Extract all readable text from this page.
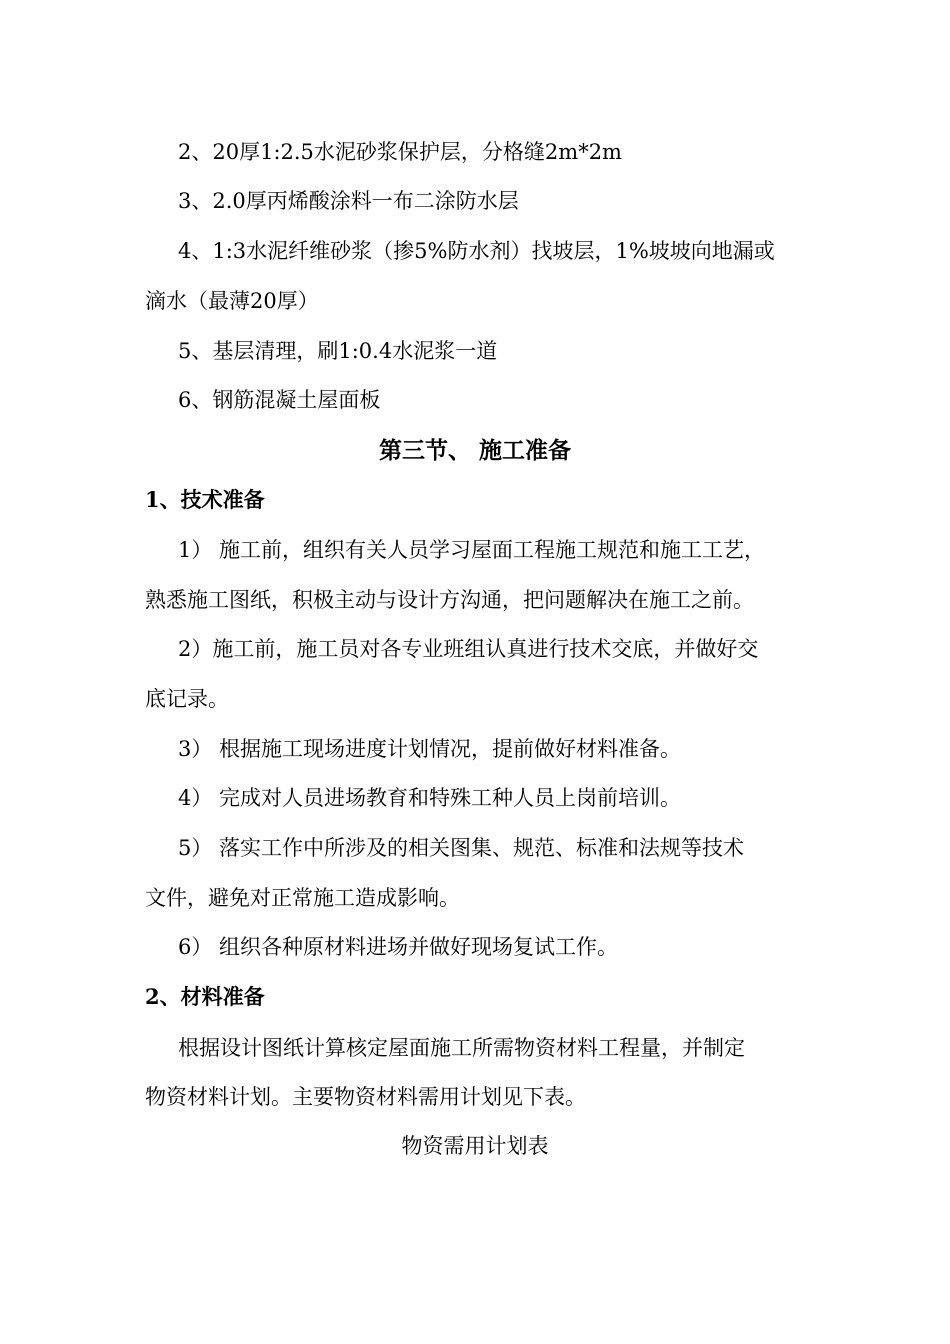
2、20厚1:2.5水泥砂浆保护层，分格缝2m*2m
3、2.0厚丙烯酸涂料一布二涂防水层
4、1:3水泥纤维砂浆（掺5%防水剂）找坡层，1%坡坡向地漏或
滴水（最薄20厚）
5、基层清理，刷1:0.4水泥浆一道
6、钢筋混凝土屋面板
第三节、 施工准备
1、技术准备
1） 施工前，组织有关人员学习屋面工程施工规范和施工工艺，
熟悉施工图纸，积极主动与设计方沟通，把问题解决在施工之前。
2）施工前，施工员对各专业班组认真进行技术交底，并做好交
底记录。
3） 根据施工现场进度计划情况，提前做好材料准备。
4） 完成对人员进场教育和特殊工种人员上岗前培训。
5） 落实工作中所涉及的相关图集、规范、标准和法规等技术
文件，避免对正常施工造成影响。
6） 组织各种原材料进场并做好现场复试工作。
2、材料准备
根据设计图纸计算核定屋面施工所需物资材料工程量，并制定
物资材料计划。主要物资材料需用计划见下表。
物资需用计划表
